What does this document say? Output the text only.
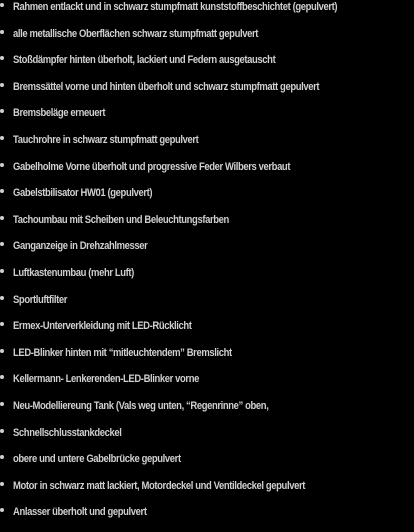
Rahmen entlackt und in schwarz stumpfmatt kunststoffbeschichtet (gepulvert)
alle metallische Oberflächen schwarz stumpfmatt gepulvert
Stoßdämpfer hinten überholt, lackiert und Federn ausgetauscht
Bremssättel vorne und hinten überholt und schwarz stumpfmatt gepulvert
Bremsbeläge erneuert
Tauchrohre in schwarz stumpfmatt gepulvert
Gabelholme Vorne überholt und progressive Feder Wilbers verbaut
Gabelstbilisator HW01 (gepulvert)
Tachoumbau mit Scheiben und Beleuchtungsfarben
Ganganzeige in Drehzahlmesser
Luftkastenumbau (mehr Luft)
Sportluftfilter
Ermex-Unterverkleidung mit LED-Rücklicht
LED-Blinker hinten mit “mitleuchtendem” Bremslicht
Kellermann- Lenkerenden-LED-Blinker vorne
Neu-Modelliereung Tank (Vals weg unten, “Regenrinne” oben,
Schnellschlusstankdeckel
obere und untere Gabelbrücke gepulvert
Motor in schwarz matt lackiert, Motordeckel und Ventildeckel gepulvert
Anlasser überholt und gepulvert
